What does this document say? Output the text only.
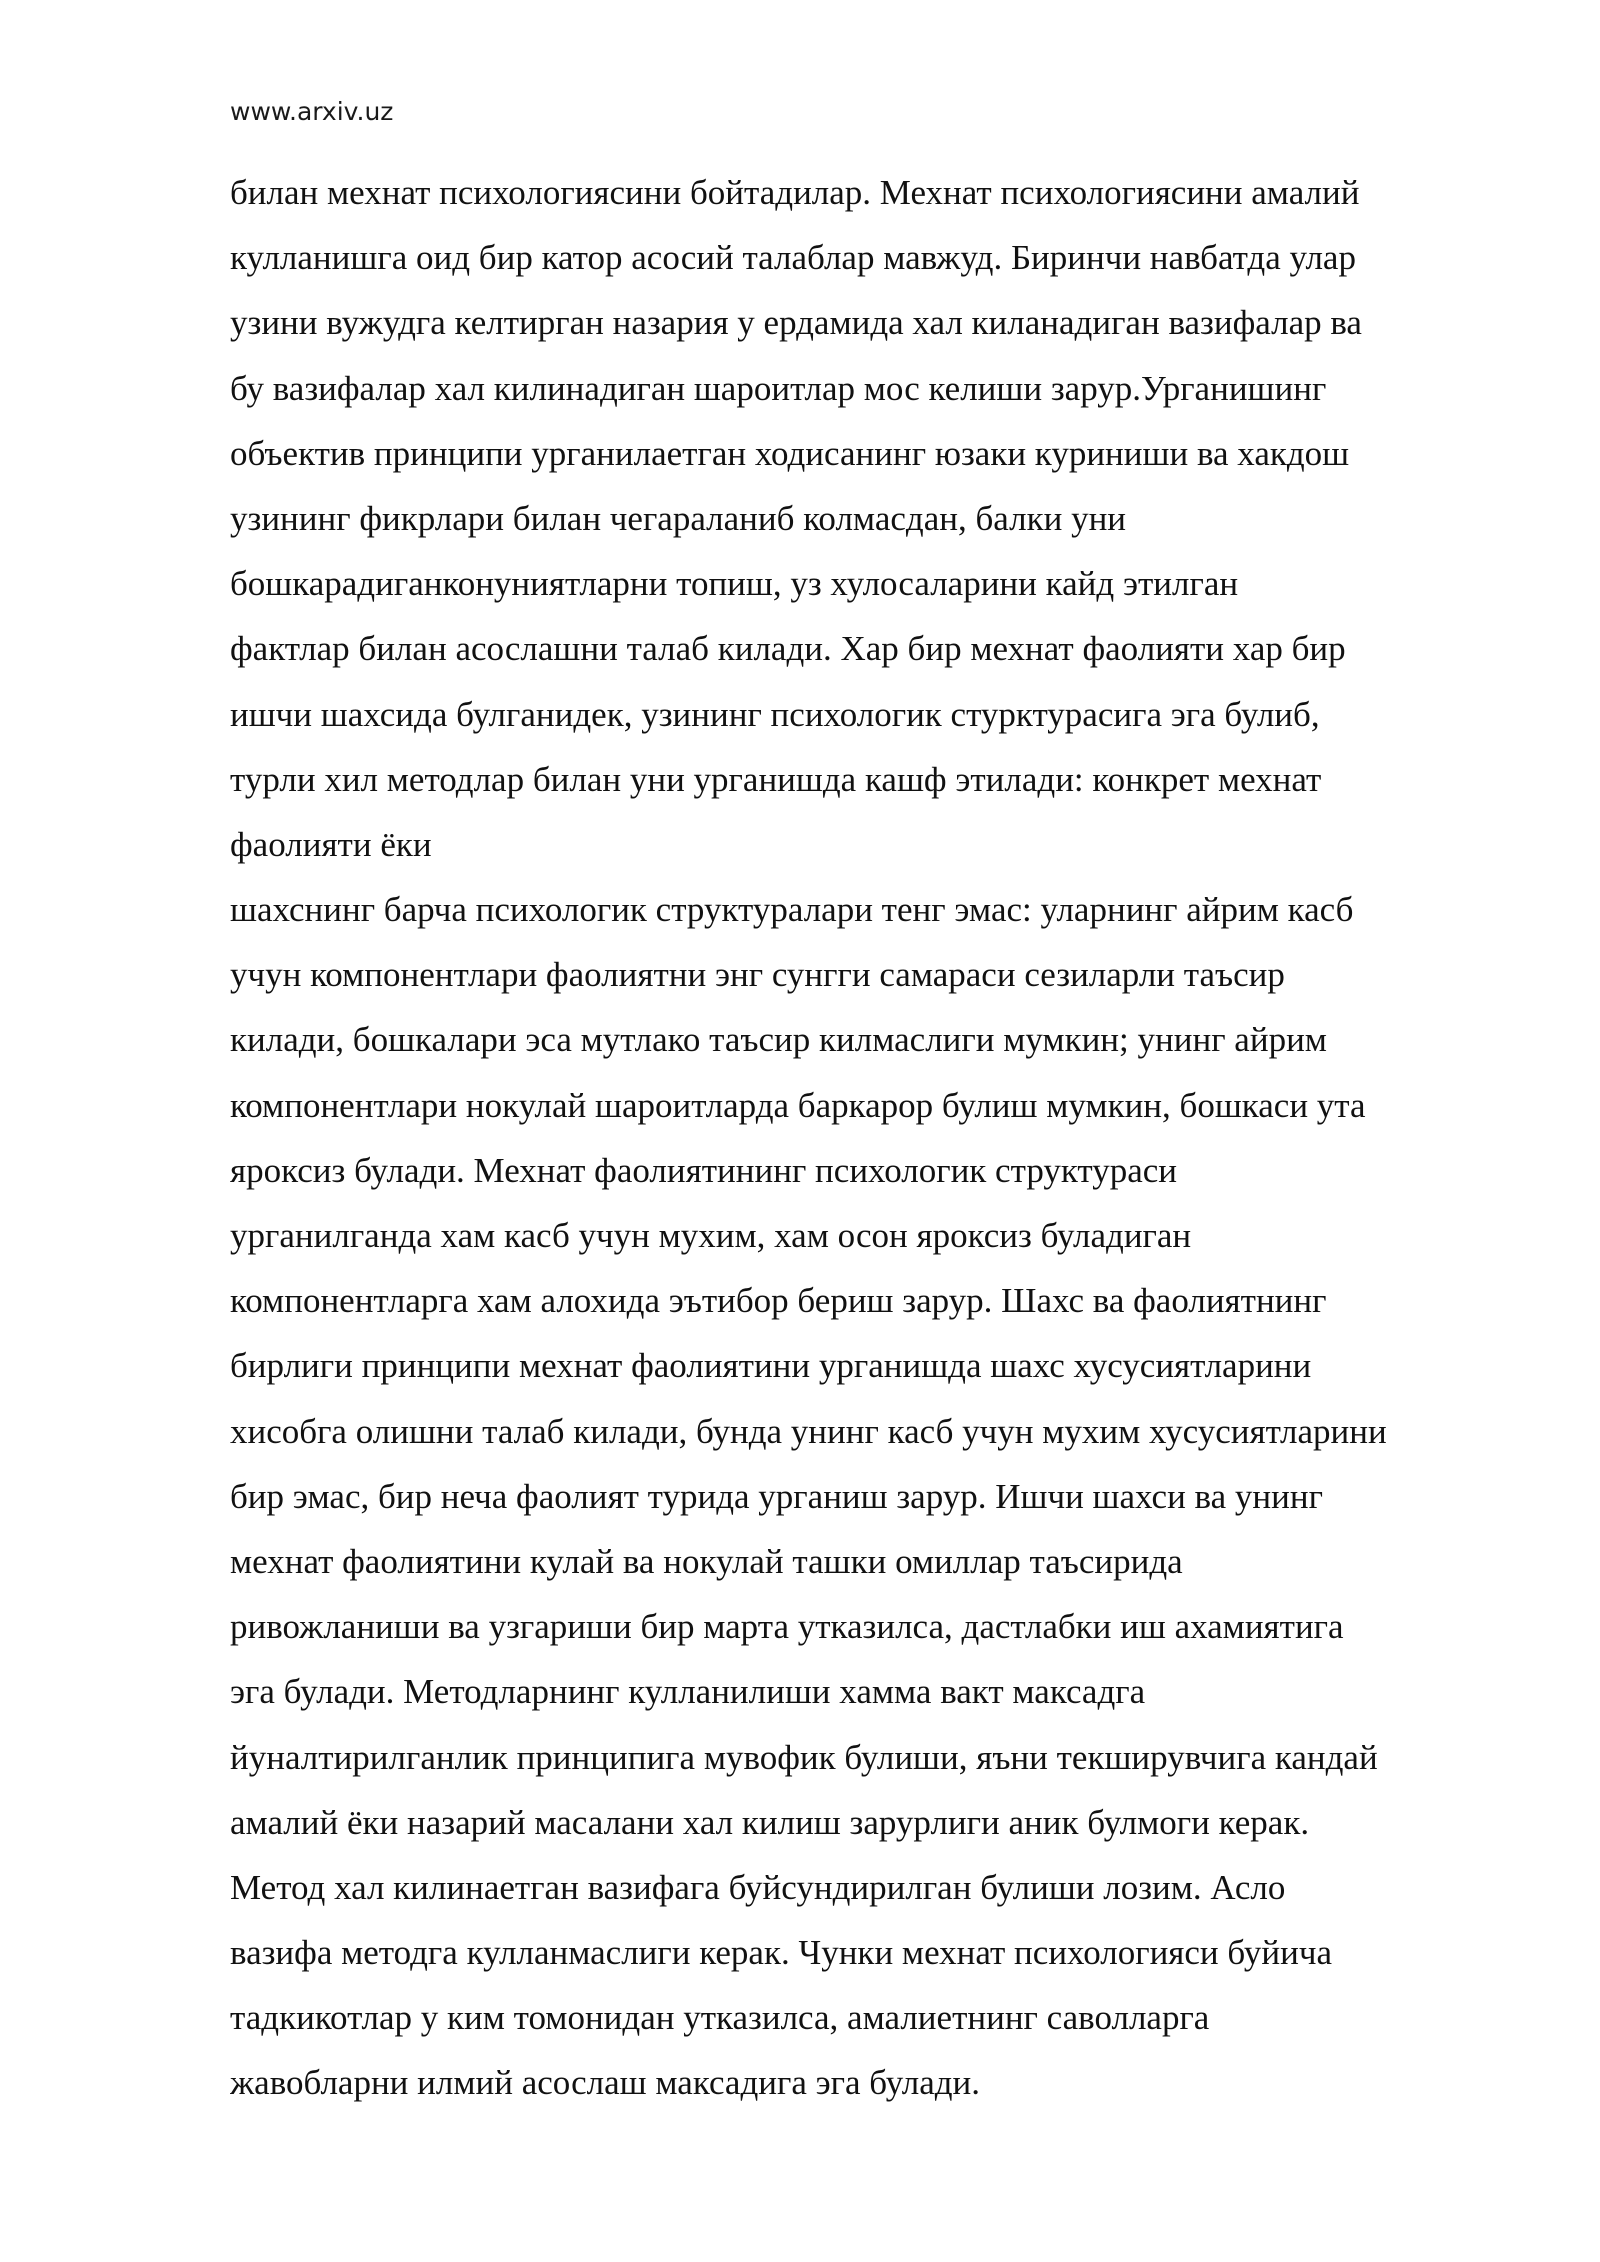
www.arxiv.uz
билан мехнат психологиясини бойтадилар. Мехнат психологиясини амалий
кулланишга оид бир катор асосий талаблар мавжуд. Биринчи навбатда улар
узини вужудга келтирган назария у ердамида хал киланадиган вазифалар ва
бу вазифалар хал килинадиган шароитлар мос келиши зарур.Урганишинг
объектив принципи урганилаетган ходисанинг юзаки куриниши ва хакдош
узининг фикрлари билан чегараланиб колмасдан, балки уни
бошкарадиганконуниятларни топиш, уз хулосаларини кайд этилган
фактлар билан асослашни талаб килади. Хар бир мехнат фаолияти хар бир
ишчи шахсида булганидек, узининг психологик стурктурасига эга булиб,
турли хил методлар билан уни урганишда кашф этилади: конкрет мехнат
фаолияти ёки
шахснинг барча психологик структуралари тенг эмас: уларнинг айрим касб
учун компонентлари фаолиятни энг сунгги самараси сезиларли таъсир
килади, бошкалари эса мутлако таъсир килмаслиги мумкин; унинг айрим
компонентлари нокулай шароитларда баркарор булиш мумкин, бошкаси ута
яроксиз булади. Мехнат фаолиятининг психологик структураси
урганилганда хам касб учун мухим, хам осон яроксиз буладиган
компонентларга хам алохида эътибор бериш зарур. Шахс ва фаолиятнинг
бирлиги принципи мехнат фаолиятини урганишда шахс хусусиятларини
хисобга олишни талаб килади, бунда унинг касб учун мухим хусусиятларини
бир эмас, бир неча фаолият турида урганиш зарур. Ишчи шахси ва унинг
мехнат фаолиятини кулай ва нокулай ташки омиллар таъсирида
ривожланиши ва узгариши бир марта утказилса, дастлабки иш ахамиятига
эга булади. Методларнинг кулланилиши хамма вакт максадга
йуналтирилганлик принципига мувофик булиши, яъни текширувчига кандай
амалий ёки назарий масалани хал килиш зарурлиги аник булмоги керак.
Метод хал килинаетган вазифага буйсундирилган булиши лозим. Асло
вазифа методга кулланмаслиги керак. Чунки мехнат психологияси буйича
тадкикотлар у ким томонидан утказилса, амалиетнинг саволларга
жавобларни илмий асослаш максадига эга булади.
